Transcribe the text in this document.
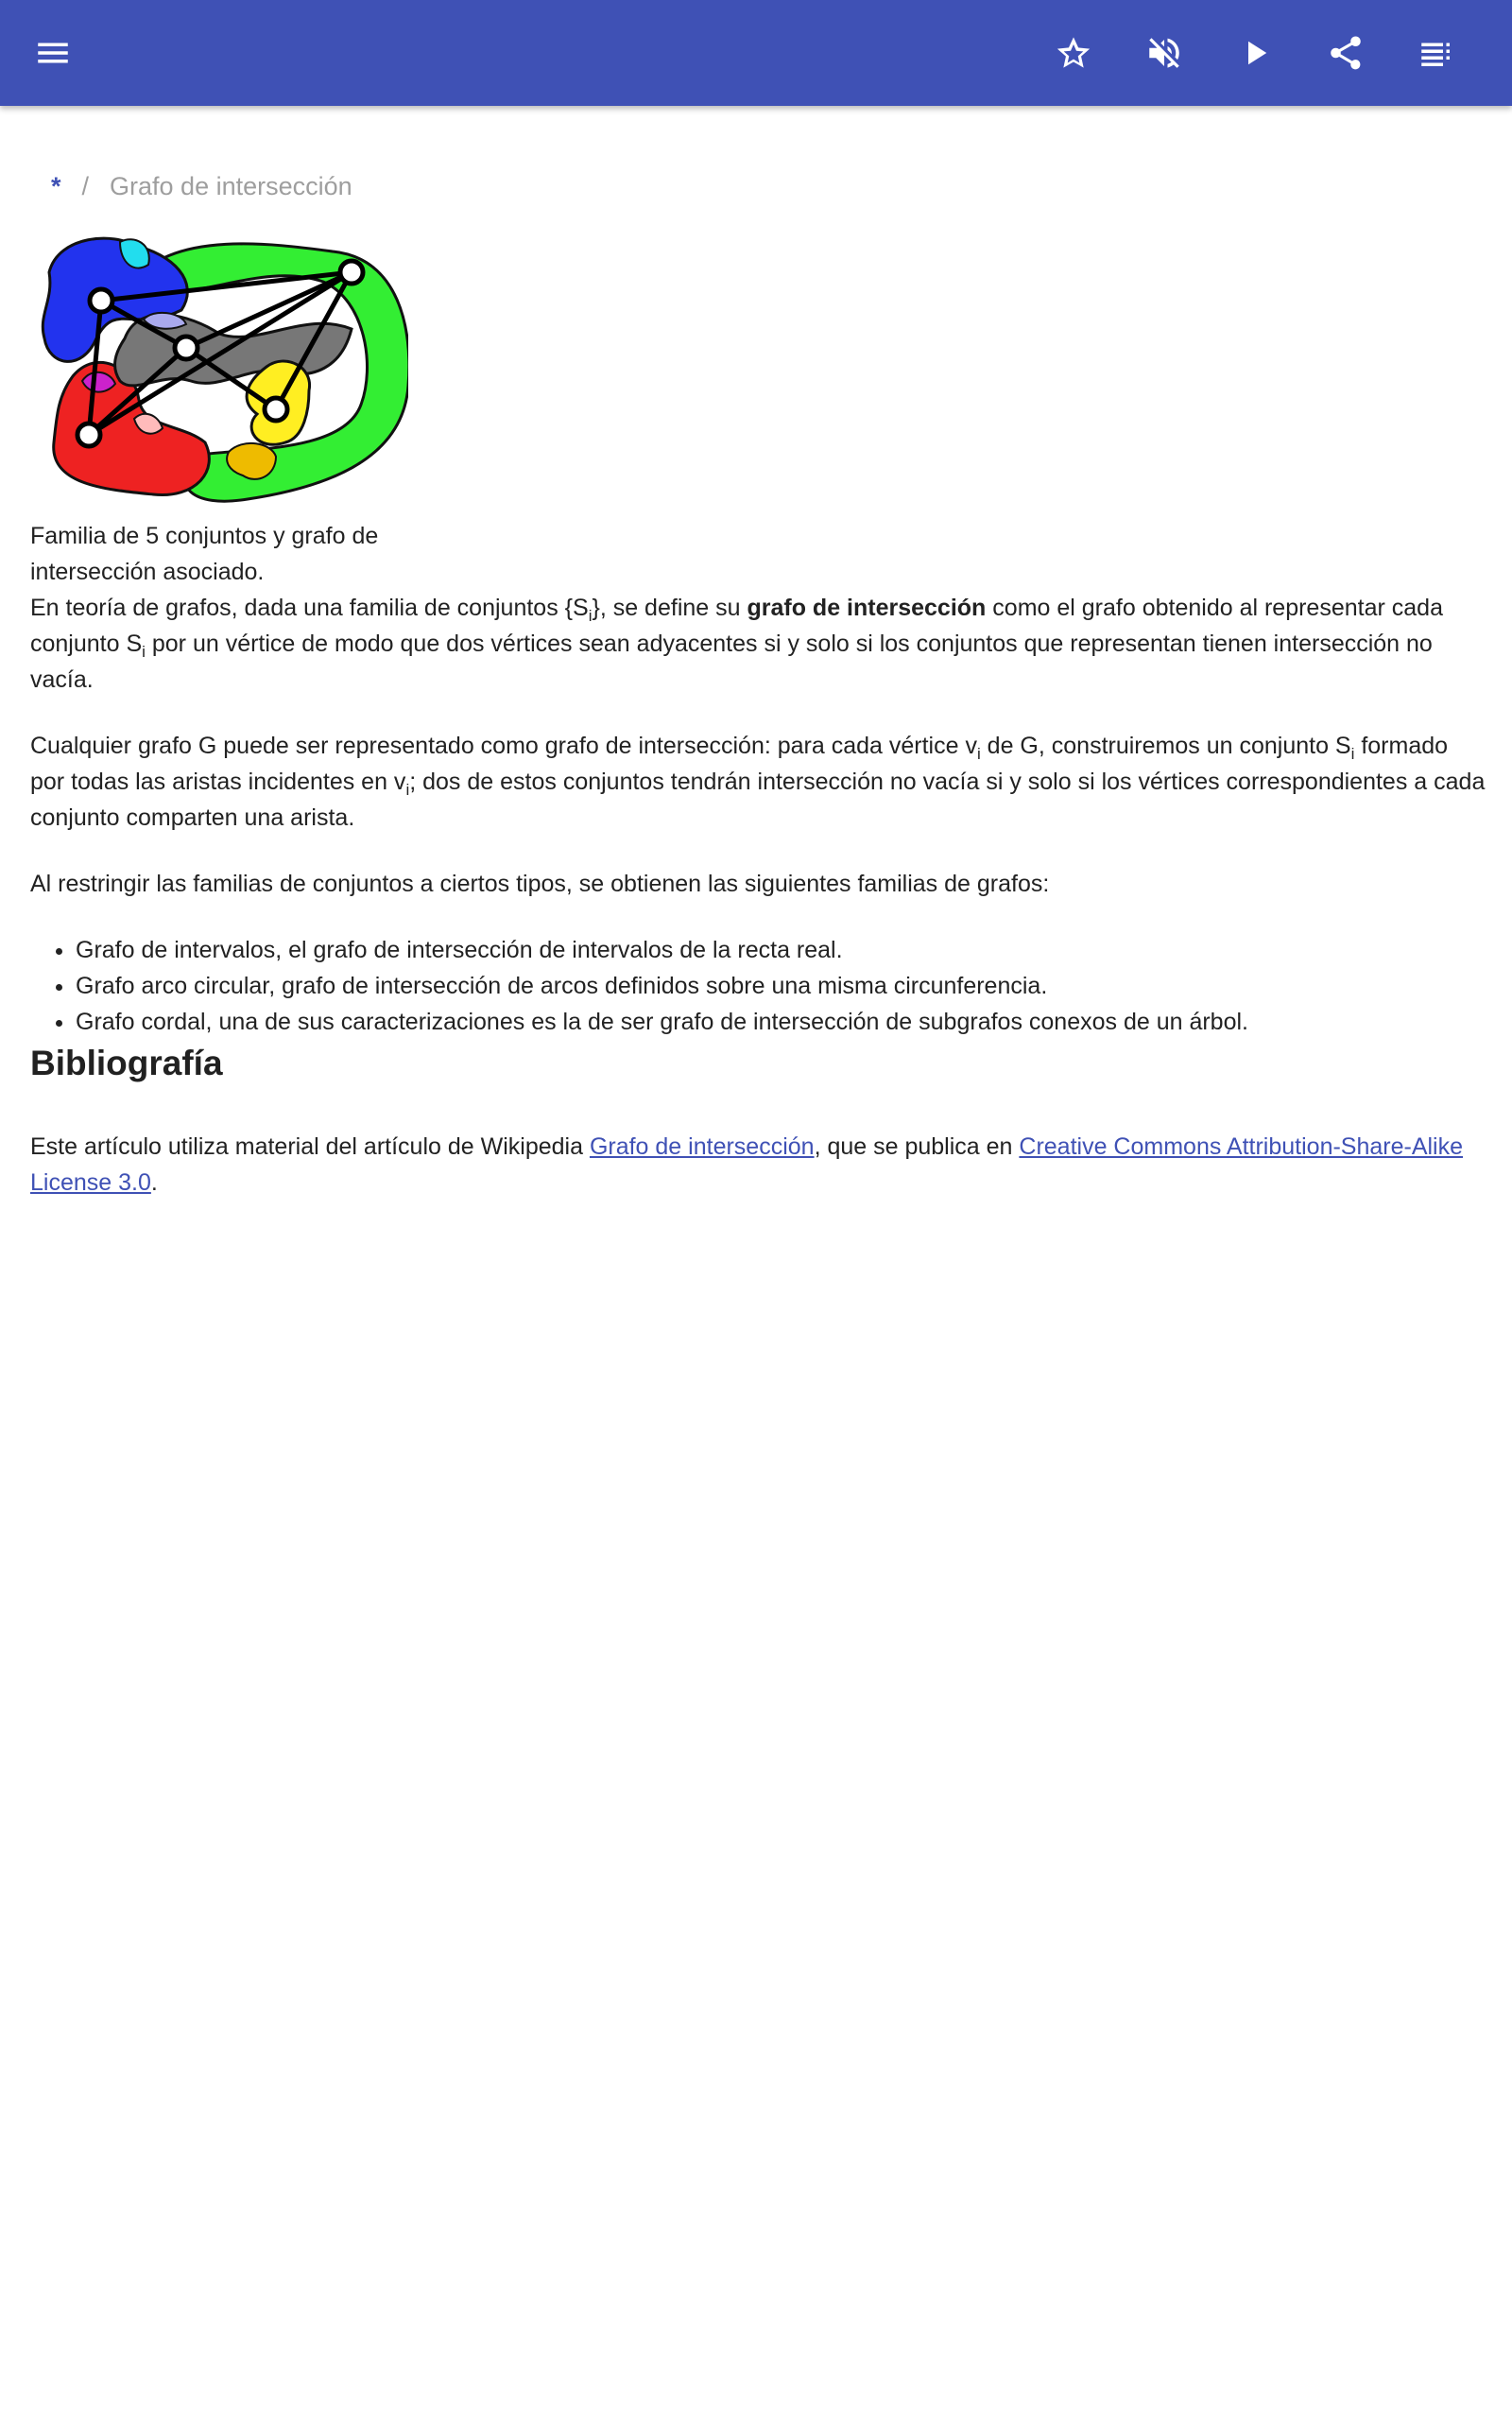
* / Grafo de intersección
Familia de 5 conjuntos y grafo de intersección asociado.

En teoría de grafos, dada una familia de conjuntos $\{S_i\}$, se define su grafo de intersección como el grafo obtenido al representar cada conjunto $S_i$ por un vértice de modo que dos vértices sean adyacentes si y solo si los conjuntos que representan tienen intersección no vacía.

Cualquier grafo G puede ser representado como grafo de intersección: para cada vértice $v_i$ de G, construiremos un conjunto $S_i$ formado por todas las aristas incidentes en $v_i$; dos de estos conjuntos tendrán intersección no vacía si y solo si los vértices correspondientes a cada conjunto comparten una arista.

Al restringir las familias de conjuntos a ciertos tipos, se obtienen las siguientes familias de grafos:

• Grafo de intervalos, el grafo de intersección de intervalos de la recta real.
• Grafo arco circular, grafo de intersección de arcos definidos sobre una misma circunferencia.
• Grafo cordal, una de sus caracterizaciones es la de ser grafo de intersección de subgrafos conexos de un árbol.
Bibliografía

Este artículo utiliza material del artículo de Wikipedia Grafo de intersección, que se publica en Creative Commons Attribution-Share-Alike License 3.0.
